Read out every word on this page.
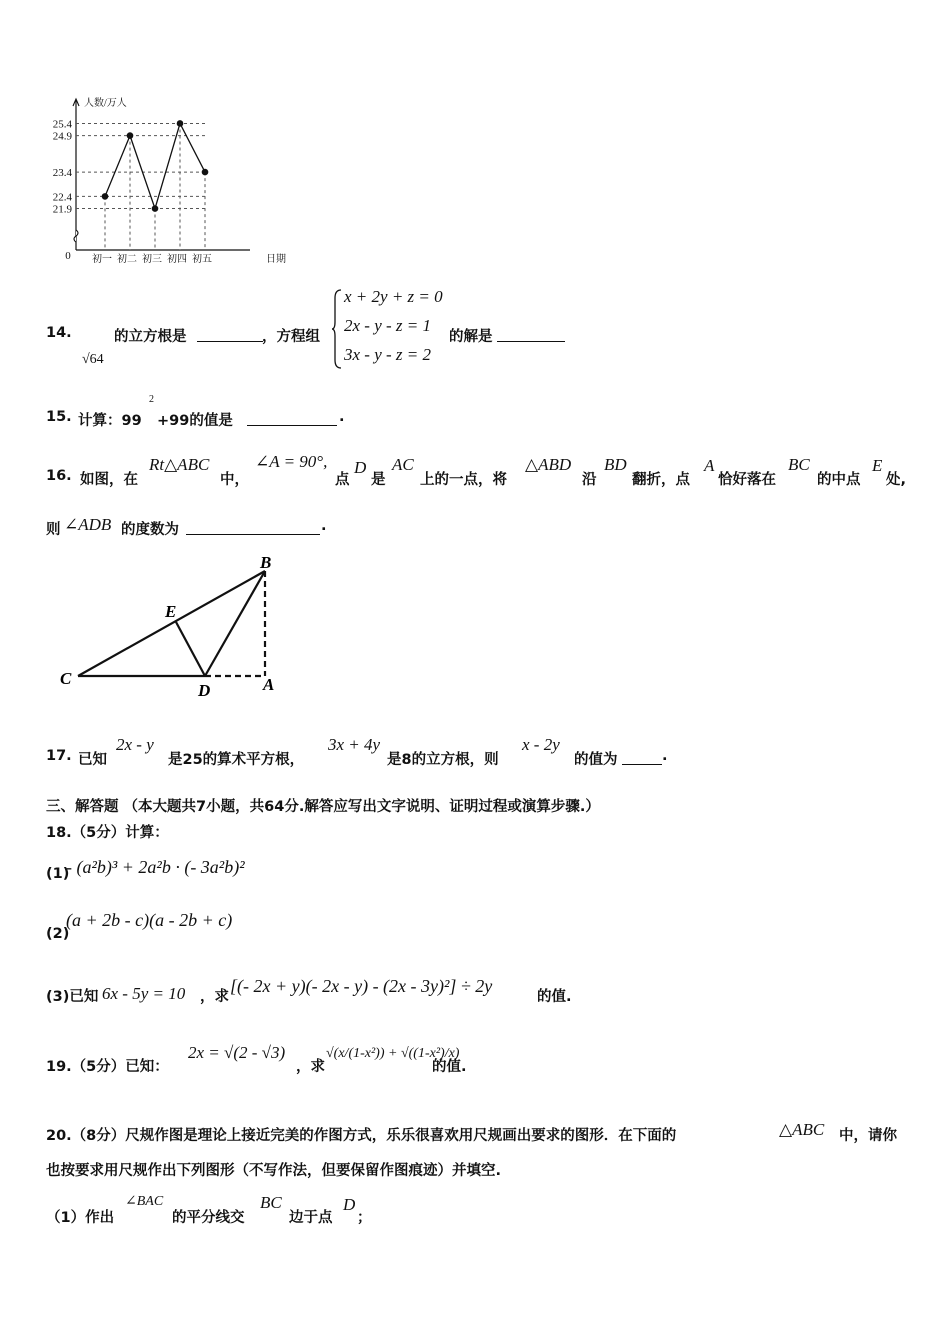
21.9
22.4
23.4
24.9
25.4
初一 初二 初三 初四 初五	日期
人数/万人
0
14.	的立方根是
√64
，方程组
x + 2y + z = 0
2x - y - z = 1
3x - y - z = 2
的解是
15. 计算：99
2
+99的值是	.
16. 如图，在
Rt△ABC
中，
∠A = 90°,
点
D
是
AC
上的一点，将
△ABD
沿
BD
翻折，点
A
恰好落在
BC
的中点
E
处,
则 ∠ADB 的度数为	.
B
E
C
D	A
17. 已知
2x - y
是25的算术平方根，
3x + 4y
是8的立方根，则
x - 2y
的值为	.
三、解答题 （本大题共7小题，共64分.解答应写出文字说明、证明过程或演算步骤.）
18.（5分）计算：
(1)
- (a²b)³ + 2a²b · (- 3a²b)²
(2)
(a + 2b - c)(a - 2b + c)
(3)已知 6x - 5y = 10 ，求
[(- 2x + y)(- 2x - y) - (2x - 3y)²] ÷ 2y
的值.
19.（5分）已知：
2x = √(2 - √3)
，求
√(x/(1-x²)) + √((1-x²)/x)
的值.
20.（8分）尺规作图是理论上接近完美的作图方式，乐乐很喜欢用尺规画出要求的图形．在下面的	△ABC 中，请你
也按要求用尺规作出下列图形（不写作法，但要保留作图痕迹）并填空.
（1）作出
∠BAC
的平分线交
BC
边于点
D
；
